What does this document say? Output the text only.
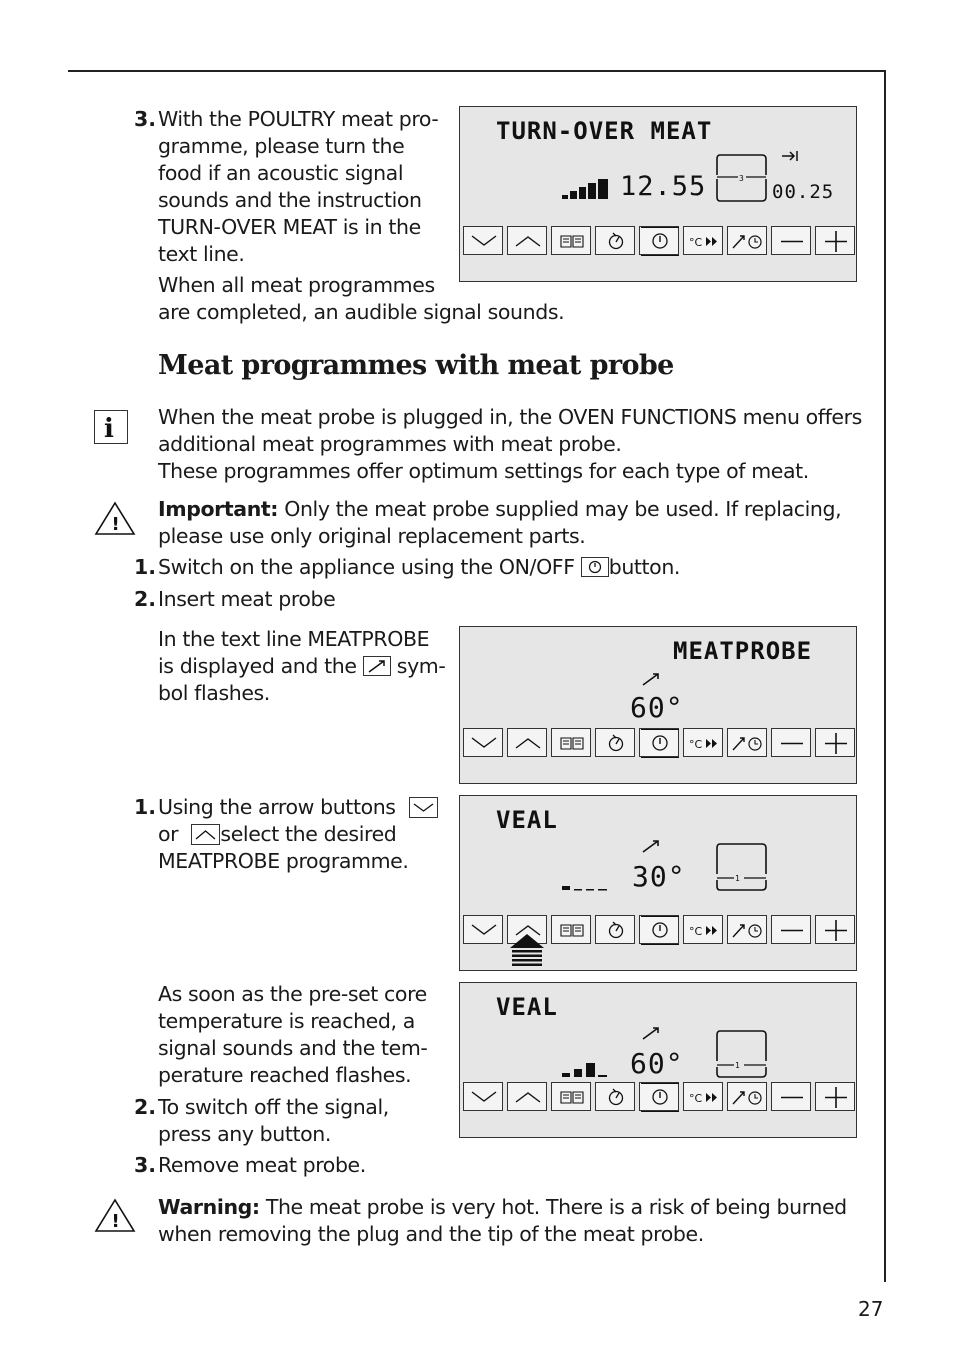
3. With the POULTRY meat pro-
gramme, please turn the
food if an acoustic signal
sounds and the instruction
TURN-OVER MEAT is in the
text line.
When all meat programmes
are completed, an audible signal sounds.
TURN-OVER MEAT
12.55	3
00.25
°C
Meat programmes with meat probe
i When the meat probe is plugged in, the OVEN FUNCTIONS menu offers
additional meat programmes with meat probe.
These programmes offer optimum settings for each type of meat.
!
Important: Only the meat probe supplied may be used. If replacing,
please use only original replacement parts.
1. Switch on the appliance using the ON/OFF
button.
2. Insert meat probe
In the text line MEATPROBE
is displayed and the
sym-
bol flashes.
MEATPROBE
60°
°C
1. Using the arrow buttons
or  select the desired
MEATPROBE programme.
VEAL
30°	1
°C
As soon as the pre-set core
temperature is reached, a
signal sounds and the tem-
perature reached flashes.
VEAL
60°	1
°C
2. To switch off the signal,
press any button.
3. Remove meat probe.
!
Warning: The meat probe is very hot. There is a risk of being burned
when removing the plug and the tip of the meat probe.
27
